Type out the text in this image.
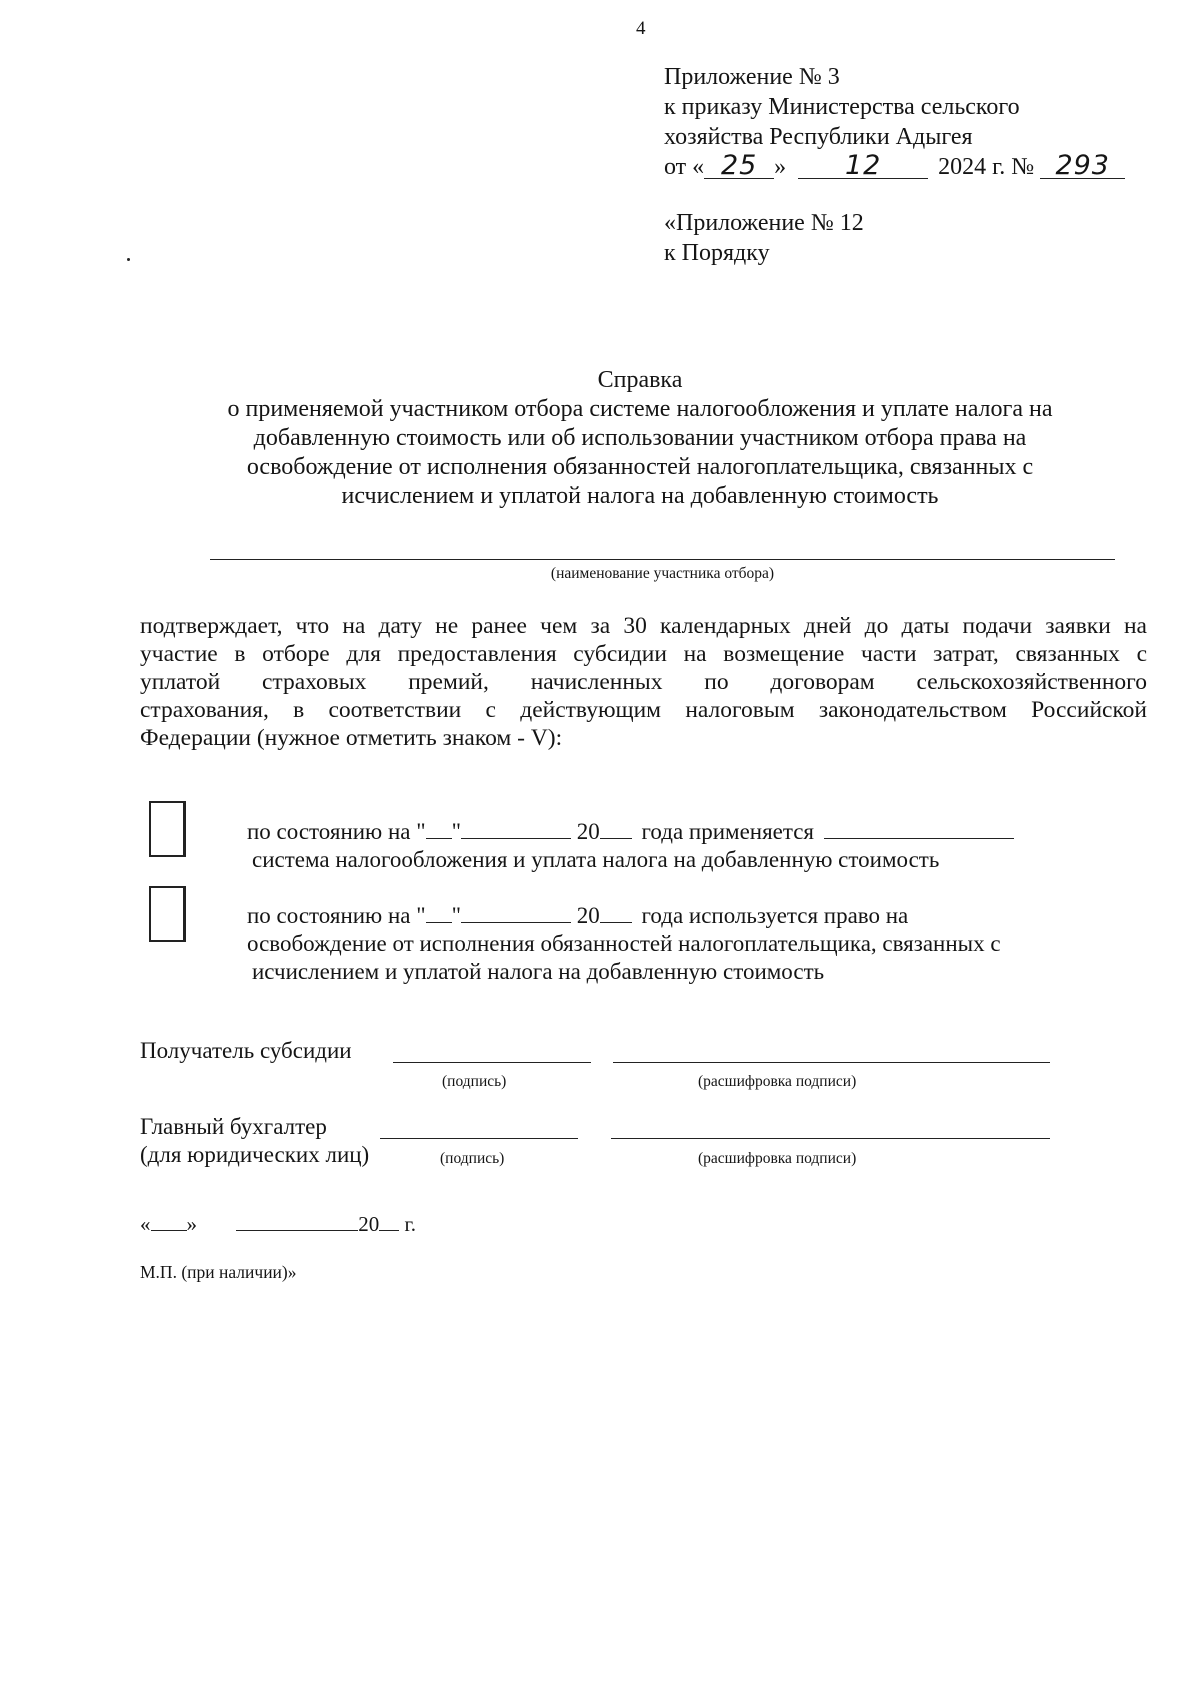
4
Приложение № 3
к приказу Министерства сельского
хозяйства Республики Адыгея
от « 25 » 12 2024 г. № 293
«Приложение № 12
к Порядку
Справка
о применяемой участником отбора системе налогообложения и уплате налога на
добавленную стоимость или об использовании участником отбора права на
освобождение от исполнения обязанностей налогоплательщика, связанных с
исчислением и уплатой налога на добавленную стоимость
(наименование участника отбора)
подтверждает, что на дату не ранее чем за 30 календарных дней до даты подачи заявки на
участие в отборе для предоставления субсидии на возмещение части затрат, связанных с
уплатой страховых премий, начисленных по договорам сельскохозяйственного
страхования, в соответствии с действующим налоговым законодательством Российской
Федерации (нужное отметить знаком - V):
по состоянию на " "	20 года применяется
система налогообложения и уплата налога на добавленную стоимость
по состоянию на " "	20 года используется право на
освобождение от исполнения обязанностей налогоплательщика, связанных с
исчислением и уплатой налога на добавленную стоимость
Получатель субсидии
(подпись)	(расшифровка подписи)
Главный бухгалтер
(для юридических лиц)	(подпись)	(расшифровка подписи)
« »	20 г.
М.П. (при наличии)»
